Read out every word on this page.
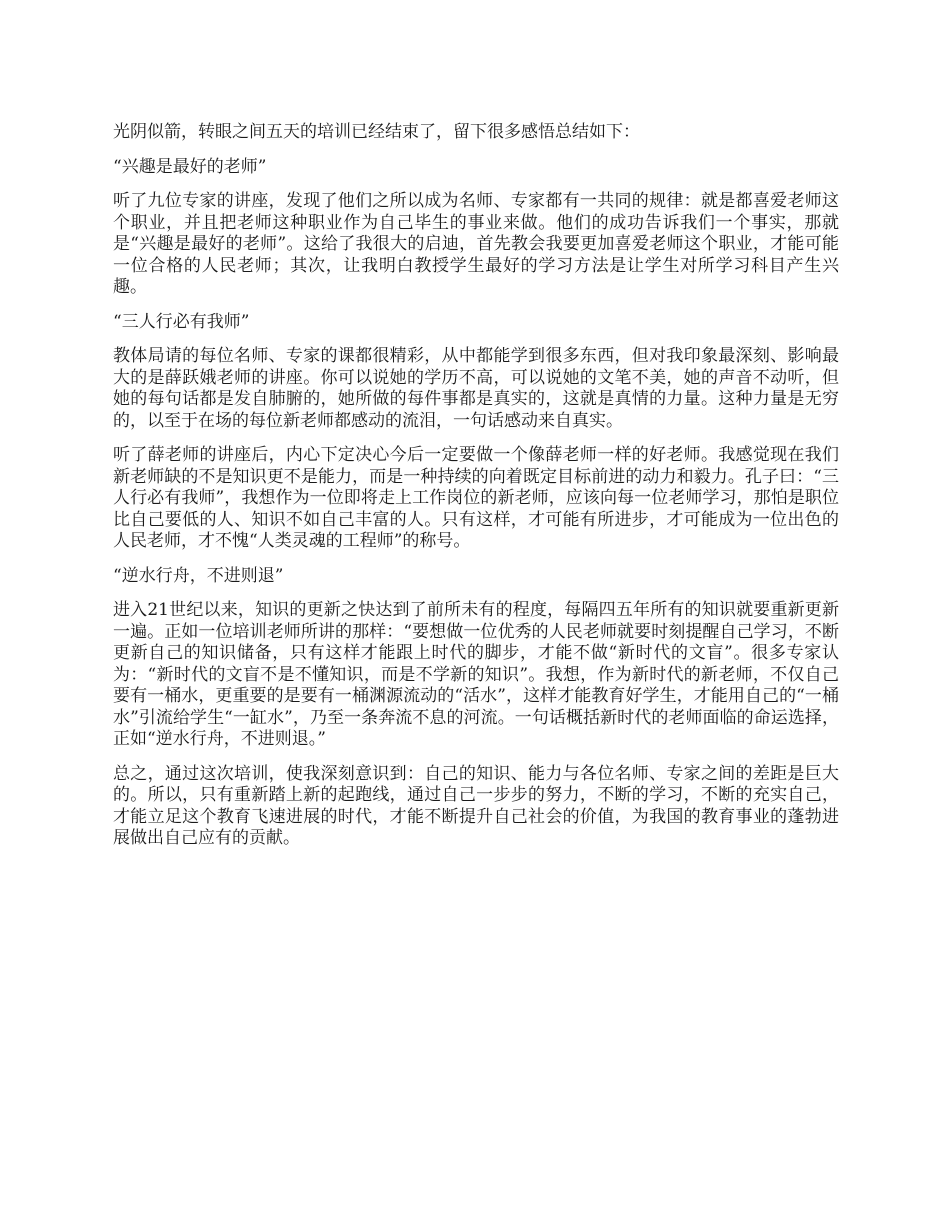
光阴似箭，转眼之间五天的培训已经结束了，留下很多感悟总结如下：

“兴趣是最好的老师”

听了九位专家的讲座，发现了他们之所以成为名师、专家都有一共同的规律：就是都喜爱老师这个职业，并且把老师这种职业作为自己毕生的事业来做。他们的成功告诉我们一个事实，那就是“兴趣是最好的老师”。这给了我很大的启迪，首先教会我要更加喜爱老师这个职业，才能可能一位合格的人民老师；其次，让我明白教授学生最好的学习方法是让学生对所学习科目产生兴趣。

“三人行必有我师”

教体局请的每位名师、专家的课都很精彩，从中都能学到很多东西，但对我印象最深刻、影响最大的是薛跃娥老师的讲座。你可以说她的学历不高，可以说她的文笔不美，她的声音不动听，但她的每句话都是发自肺腑的，她所做的每件事都是真实的，这就是真情的力量。这种力量是无穷的，以至于在场的每位新老师都感动的流泪，一句话感动来自真实。

听了薛老师的讲座后，内心下定决心今后一定要做一个像薛老师一样的好老师。我感觉现在我们新老师缺的不是知识更不是能力，而是一种持续的向着既定目标前进的动力和毅力。孔子曰：“三人行必有我师”，我想作为一位即将走上工作岗位的新老师，应该向每一位老师学习，那怕是职位比自己要低的人、知识不如自己丰富的人。只有这样，才可能有所进步，才可能成为一位出色的人民老师，才不愧“人类灵魂的工程师”的称号。

“逆水行舟，不进则退”

进入21世纪以来，知识的更新之快达到了前所未有的程度，每隔四五年所有的知识就要重新更新一遍。正如一位培训老师所讲的那样：“要想做一位优秀的人民老师就要时刻提醒自己学习，不断更新自己的知识储备，只有这样才能跟上时代的脚步，才能不做“新时代的文盲”。很多专家认为：“新时代的文盲不是不懂知识，而是不学新的知识”。我想，作为新时代的新老师，不仅自己要有一桶水，更重要的是要有一桶渊源流动的“活水”，这样才能教育好学生，才能用自己的“一桶水”引流给学生“一缸水”，乃至一条奔流不息的河流。一句话概括新时代的老师面临的命运选择，正如“逆水行舟，不进则退。”

总之，通过这次培训，使我深刻意识到：自己的知识、能力与各位名师、专家之间的差距是巨大的。所以，只有重新踏上新的起跑线，通过自己一步步的努力，不断的学习，不断的充实自己，才能立足这个教育飞速进展的时代，才能不断提升自己社会的价值，为我国的教育事业的蓬勃进展做出自己应有的贡献。
